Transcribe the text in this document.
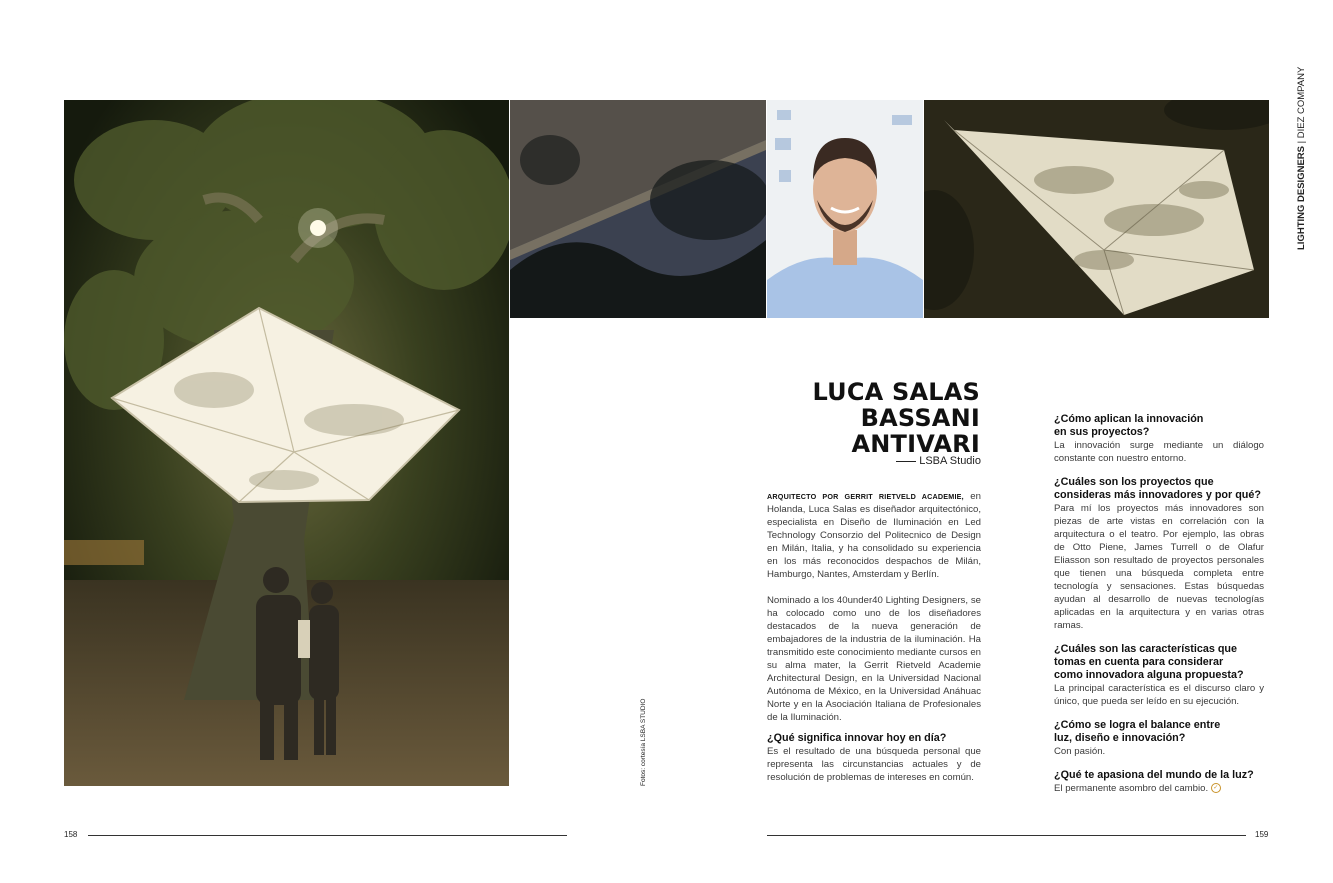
LIGHTING DESIGNERS | DIEZ COMPANY
Fotos: cortesía LSBA STUDIO
LUCA SALAS
BASSANI
ANTIVARI
LSBA Studio

ARQUITECTO POR GERRIT RIETVELD ACADEMIE, en Holanda, Luca Salas es diseñador arquitectónico, especialista en Diseño de Iluminación en Led Technology Consorzio del Politecnico de Design en Milán, Italia, y ha consolidado su experiencia en los más reconocidos despachos de Milán, Hamburgo, Nantes, Amsterdam y Berlín.

Nominado a los 40under40 Lighting Designers, se ha colocado como uno de los diseñadores destacados de la nueva generación de embajadores de la industria de la iluminación. Ha transmitido este conocimiento mediante cursos en su alma mater, la Gerrit Rietveld Academie Architectural Design, en la Universidad Nacional Autónoma de México, en la Universidad Anáhuac Norte y en la Asociación Italiana de Profesionales de la Iluminación.

¿Qué significa innovar hoy en día?

Es el resultado de una búsqueda personal que representa las circunstancias actuales y de resolución de problemas de intereses en común.

¿Cómo aplican la innovación en sus proyectos?

La innovación surge mediante un diálogo constante con nuestro entorno.

¿Cuáles son los proyectos que consideras más innovadores y por qué?

Para mí los proyectos más innovadores son piezas de arte vistas en correlación con la arquitectura o el teatro. Por ejemplo, las obras de Otto Piene, James Turrell o de Olafur Eliasson son resultado de proyectos personales que tienen una búsqueda completa entre tecnología y sensaciones. Estas búsquedas ayudan al desarrollo de nuevas tecnologías aplicadas en la arquitectura y en varias otras ramas.

¿Cuáles son las características que tomas en cuenta para considerar como innovadora alguna propuesta?

La principal característica es el discurso claro y único, que pueda ser leído en su ejecución.

¿Cómo se logra el balance entre luz, diseño e innovación?

Con pasión.

¿Qué te apasiona del mundo de la luz?

El permanente asombro del cambio. ✓

158	159
